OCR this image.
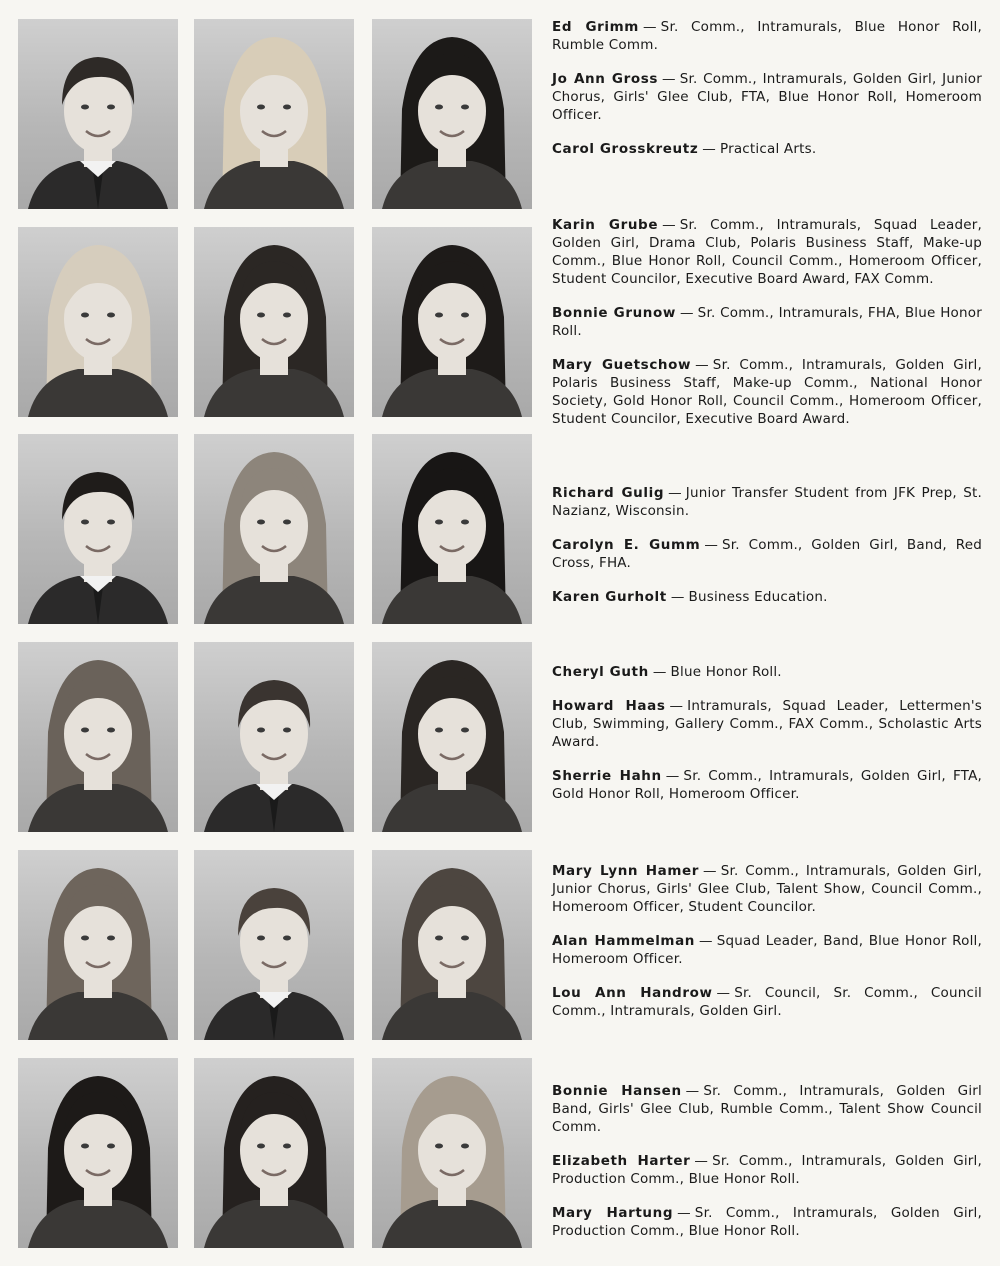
Ed Grimm — Sr. Comm., Intramurals, Blue Honor Roll, Rumble Comm.

Jo Ann Gross — Sr. Comm., Intramurals, Golden Girl, Junior Chorus, Girls' Glee Club, FTA, Blue Honor Roll, Homeroom Officer.

Carol Grosskreutz — Practical Arts.

Karin Grube — Sr. Comm., Intramurals, Squad Leader, Golden Girl, Drama Club, Polaris Business Staff, Make-up Comm., Blue Honor Roll, Council Comm., Homeroom Officer, Student Councilor, Executive Board Award, FAX Comm.

Bonnie Grunow — Sr. Comm., Intramurals, FHA, Blue Honor Roll.

Mary Guetschow — Sr. Comm., Intramurals, Golden Girl, Polaris Business Staff, Make-up Comm., National Honor Society, Gold Honor Roll, Council Comm., Homeroom Officer, Student Councilor, Executive Board Award.

Richard Gulig — Junior Transfer Student from JFK Prep, St. Nazianz, Wisconsin.

Carolyn E. Gumm — Sr. Comm., Golden Girl, Band, Red Cross, FHA.

Karen Gurholt — Business Education.

Cheryl Guth — Blue Honor Roll.

Howard Haas — Intramurals, Squad Leader, Lettermen's Club, Swimming, Gallery Comm., FAX Comm., Scholastic Arts Award.

Sherrie Hahn — Sr. Comm., Intramurals, Golden Girl, FTA, Gold Honor Roll, Homeroom Officer.

Mary Lynn Hamer — Sr. Comm., Intramurals, Golden Girl, Junior Chorus, Girls' Glee Club, Talent Show, Council Comm., Homeroom Officer, Student Councilor.

Alan Hammelman — Squad Leader, Band, Blue Honor Roll, Homeroom Officer.

Lou Ann Handrow — Sr. Council, Sr. Comm., Council Comm., Intramurals, Golden Girl.

Bonnie Hansen — Sr. Comm., Intramurals, Golden Girl Band, Girls' Glee Club, Rumble Comm., Talent Show Council Comm.

Elizabeth Harter — Sr. Comm., Intramurals, Golden Girl, Production Comm., Blue Honor Roll.

Mary Hartung — Sr. Comm., Intramurals, Golden Girl, Production Comm., Blue Honor Roll.
